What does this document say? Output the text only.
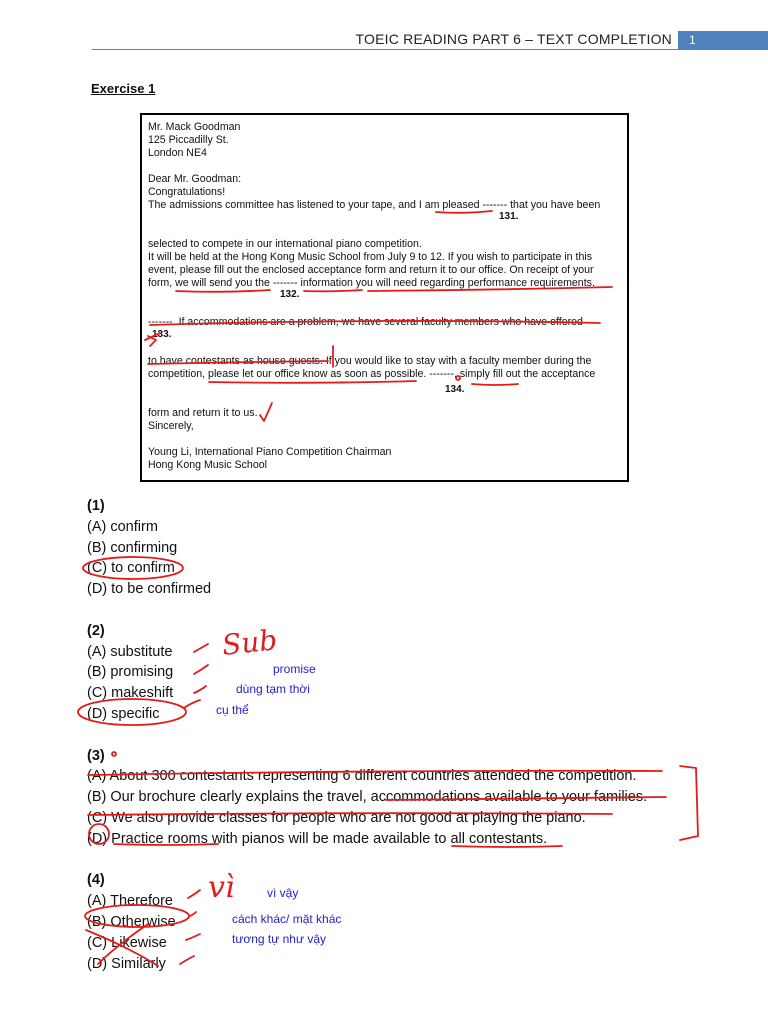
TOEIC READING PART 6 – TEXT COMPLETION	1
Exercise 1
Mr. Mack Goodman
125 Piccadilly St.
London NE4
Dear Mr. Goodman:
Congratulations!
The admissions committee has listened to your tape, and I am pleased ------- that you have been
selected to compete in our international piano competition.
It will be held at the Hong Kong Music School from July 9 to 12. If you wish to participate in this
event, please fill out the enclosed acceptance form and return it to our office. On receipt of your
form, we will send you the ------- information you will need regarding performance requirements.
-------. If accommodations are a problem, we have several faculty members who have offered
to have contestants as house guests. If you would like to stay with a faculty member during the
competition, please let our office know as soon as possible. -------, simply fill out the acceptance
form and return it to us.
Sincerely,
Young Li, International Piano Competition Chairman
Hong Kong Music School
131.
132.
133.
134.
(1)
(A) confirm
(B) confirming
(C) to confirm
(D) to be confirmed
(2)
(A) substitute
(B) promising
(C) makeshift
(D) specific
(3)
(A) About 300 contestants representing 6 different countries attended the competition.
(B) Our brochure clearly explains the travel, accommodations available to your families.
(C) We also provide classes for people who are not good at playing the piano.
(D) Practice rooms with pianos will be made available to all contestants.
(4)
(A) Therefore
(B) Otherwise
(C) Likewise
(D) Similarly
Sub
promise
dùng tạm thời
cụ thể
vì	vì vậy
cách khác/ mặt khác
tương tự như vậy
